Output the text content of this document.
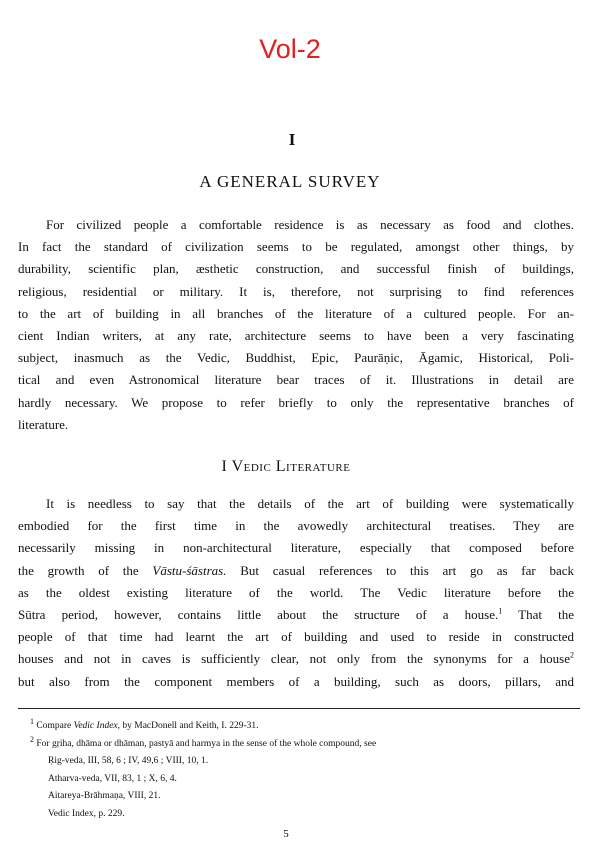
Vol-2
I
A GENERAL SURVEY
For civilized people a comfortable residence is as necessary as food and clothes.
In fact the standard of civilization seems to be regulated, amongst other things, by
durability, scientific plan, æsthetic construction, and successful finish of buildings,
religious, residential or military. It is, therefore, not surprising to find references
to the art of building in all branches of the literature of a cultured people. For an-
cient Indian writers, at any rate, architecture seems to have been a very fascinating
subject, inasmuch as the Vedic, Buddhist, Epic, Paurāṇic, Āgamic, Historical, Poli-
tical and even Astronomical literature bear traces of it. Illustrations in detail are
hardly necessary. We propose to refer briefly to only the representative branches of
literature.
I Vedic Literature
It is needless to say that the details of the art of building were systematically
embodied for the first time in the avowedly architectural treatises. They are
necessarily missing in non-architectural literature, especially that composed before
the growth of the Vāstu-śāstras. But casual references to this art go as far back
as the oldest existing literature of the world. The Vedic literature before the
Sūtra period, however, contains little about the structure of a house.$^1$ That the
people of that time had learnt the art of building and used to reside in constructed
houses and not in caves is sufficiently clear, not only from the synonyms for a house$^2$
but also from the component members of a building, such as doors, pillars, and
$^1$ Compare Vedic Index, by MacDonell and Keith, I. 229-31.
$^2$ For gṛiha, dhāma or dhāman, pastyā and harmya in the sense of the whole compound, see
Ṛig-veda, III, 58, 6 ; IV, 49,6 ; VIII, 10, 1.
Atharva-veda, VII, 83, 1 ; X, 6, 4.
Aitareya-Brāhmaṇa, VIII, 21.
Vedic Index, p. 229.
5
